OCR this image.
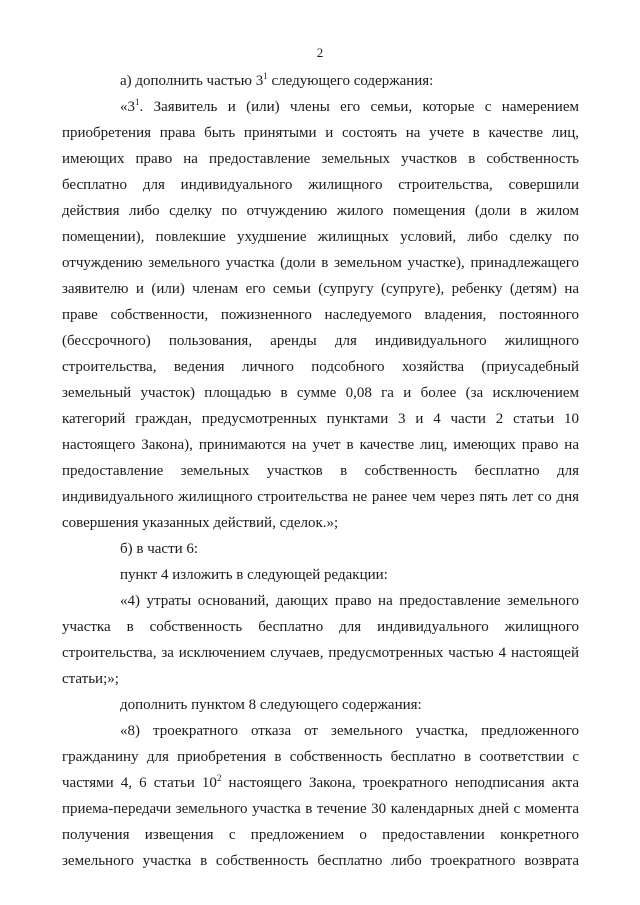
2
а) дополнить частью $3^1$ следующего содержания:
«$3^1$. Заявитель и (или) члены его семьи, которые с намерением
приобретения права быть принятыми и состоять на учете в качестве лиц,
имеющих право на предоставление земельных участков в собственность
бесплатно для индивидуального жилищного строительства, совершили
действия либо сделку по отчуждению жилого помещения (доли в жилом
помещении), повлекшие ухудшение жилищных условий, либо сделку по
отчуждению земельного участка (доли в земельном участке), принадлежащего
заявителю и (или) членам его семьи (супругу (супруге), ребенку (детям) на
праве собственности, пожизненного наследуемого владения, постоянного
(бессрочного) пользования, аренды для индивидуального жилищного
строительства, ведения личного подсобного хозяйства (приусадебный
земельный участок) площадью в сумме 0,08 га и более (за исключением
категорий граждан, предусмотренных пунктами 3 и 4 части 2 статьи 10
настоящего Закона), принимаются на учет в качестве лиц, имеющих право на
предоставление земельных участков в собственность бесплатно для
индивидуального жилищного строительства не ранее чем через пять лет со дня
совершения указанных действий, сделок.»;
б) в части 6:
пункт 4 изложить в следующей редакции:
«4) утраты оснований, дающих право на предоставление земельного
участка в собственность бесплатно для индивидуального жилищного
строительства, за исключением случаев, предусмотренных частью 4 настоящей
статьи;»;
дополнить пунктом 8 следующего содержания:
«8) троекратного отказа от земельного участка, предложенного
гражданину для приобретения в собственность бесплатно в соответствии с
частями 4, 6 статьи $10^2$ настоящего Закона, троекратного неподписания акта
приема-передачи земельного участка в течение 30 календарных дней с момента
получения извещения с предложением о предоставлении конкретного
земельного участка в собственность бесплатно либо троекратного возврата
